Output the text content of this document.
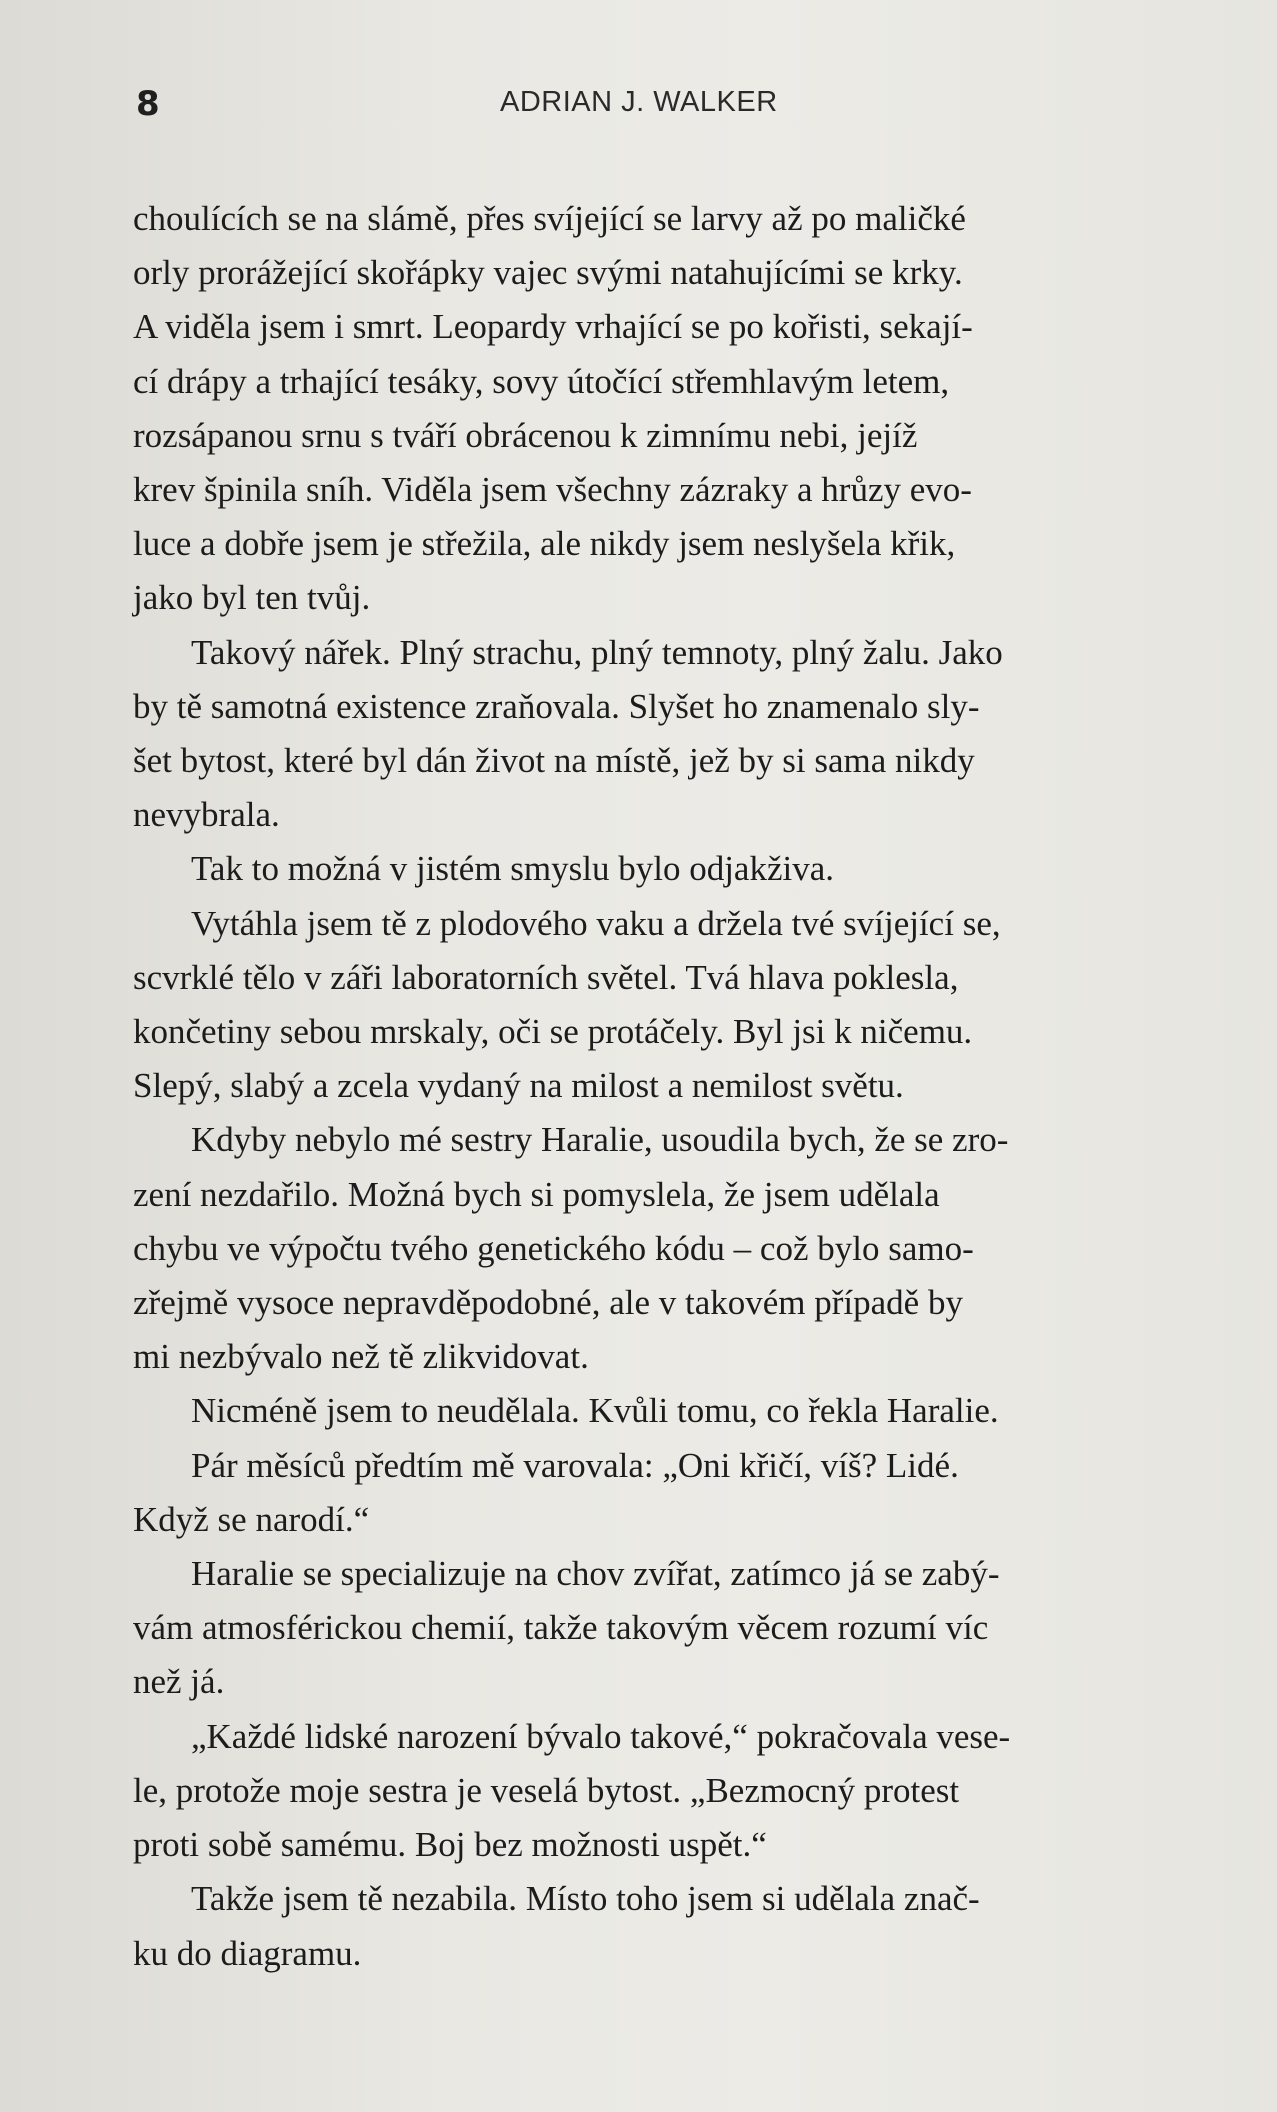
8	ADRIAN J. WALKER

choulících se na slámě, přes svíjející se larvy až po maličké
orly prorážející skořápky vajec svými natahujícími se krky.
A viděla jsem i smrt. Leopardy vrhající se po kořisti, sekají-
cí drápy a trhající tesáky, sovy útočící střemhlavým letem,
rozsápanou srnu s tváří obrácenou k zimnímu nebi, jejíž
krev špinila sníh. Viděla jsem všechny zázraky a hrůzy evo-
luce a dobře jsem je střežila, ale nikdy jsem neslyšela křik,
jako byl ten tvůj.

Takový nářek. Plný strachu, plný temnoty, plný žalu. Jako
by tě samotná existence zraňovala. Slyšet ho znamenalo sly-
šet bytost, které byl dán život na místě, jež by si sama nikdy
nevybrala.

Tak to možná v jistém smyslu bylo odjakživa.

Vytáhla jsem tě z plodového vaku a držela tvé svíjející se,
scvrklé tělo v záři laboratorních světel. Tvá hlava poklesla,
končetiny sebou mrskaly, oči se protáčely. Byl jsi k ničemu.
Slepý, slabý a zcela vydaný na milost a nemilost světu.

Kdyby nebylo mé sestry Haralie, usoudila bych, že se zro-
zení nezdařilo. Možná bych si pomyslela, že jsem udělala
chybu ve výpočtu tvého genetického kódu – což bylo samo-
zřejmě vysoce nepravděpodobné, ale v takovém případě by
mi nezbývalo než tě zlikvidovat.

Nicméně jsem to neudělala. Kvůli tomu, co řekla Haralie.

Pár měsíců předtím mě varovala: „Oni křičí, víš? Lidé.
Když se narodí.“

Haralie se specializuje na chov zvířat, zatímco já se zabý-
vám atmosférickou chemií, takže takovým věcem rozumí víc
než já.

„Každé lidské narození bývalo takové,“ pokračovala vese-
le, protože moje sestra je veselá bytost. „Bezmocný protest
proti sobě samému. Boj bez možnosti uspět.“

Takže jsem tě nezabila. Místo toho jsem si udělala znač-
ku do diagramu.
